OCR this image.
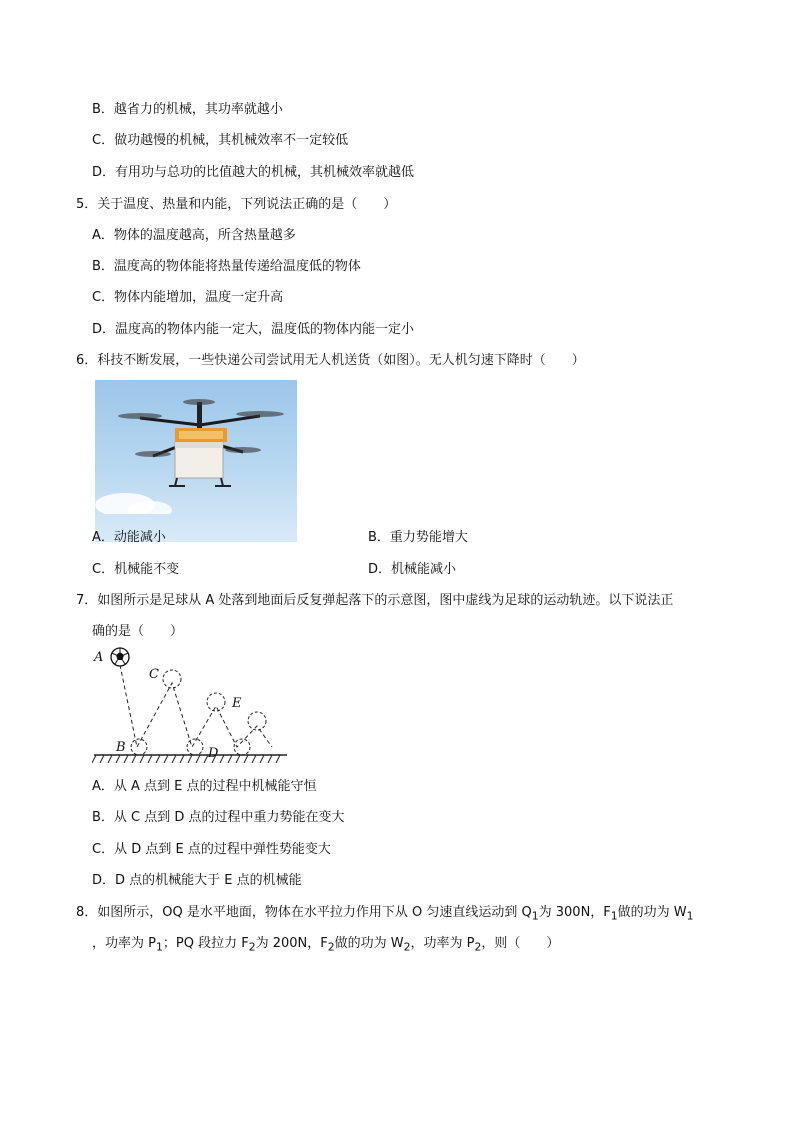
B．越省力的机械，其功率就越小
C．做功越慢的机械，其机械效率不一定较低
D．有用功与总功的比值越大的机械，其机械效率就越低
5．关于温度、热量和内能，下列说法正确的是（　　）
A．物体的温度越高，所含热量越多
B．温度高的物体能将热量传递给温度低的物体
C．物体内能增加，温度一定升高
D．温度高的物体内能一定大，温度低的物体内能一定小
6．科技不断发展，一些快递公司尝试用无人机送货（如图）。无人机匀速下降时（　　）
A．动能减小	B．重力势能增大
C．机械能不变	D．机械能减小
7．如图所示是足球从 A 处落到地面后反复弹起落下的示意图，图中虚线为足球的运动轨迹。以下说法正
确的是（　　）
A
C
B	D
E
A．从 A 点到 E 点的过程中机械能守恒
B．从 C 点到 D 点的过程中重力势能在变大
C．从 D 点到 E 点的过程中弹性势能变大
D．D 点的机械能大于 E 点的机械能
8．如图所示，OQ 是水平地面，物体在水平拉力作用下从 O 匀速直线运动到 $Q_1$为 300N，$F_1$做的功为 $W_1$
，功率为 $P_1$；PQ 段拉力 $F_2$为 200N，$F_2$做的功为 $W_2$，功率为 $P_2$，则（　　）
